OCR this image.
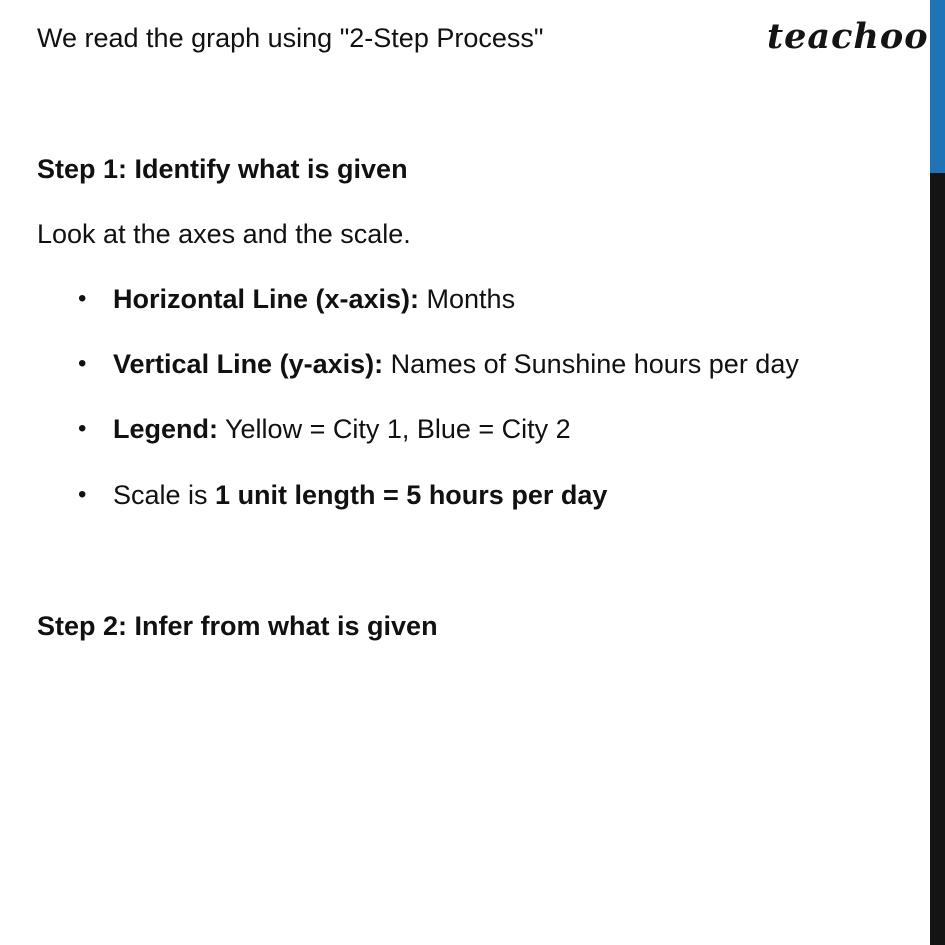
We read the graph using "2-Step Process"	teachoo
Step 1: Identify what is given
Look at the axes and the scale.
• Horizontal Line (x-axis): Months
• Vertical Line (y-axis): Names of Sunshine hours per day
• Legend: Yellow = City 1, Blue = City 2
• Scale is 1 unit length = 5 hours per day
Step 2: Infer from what is given
